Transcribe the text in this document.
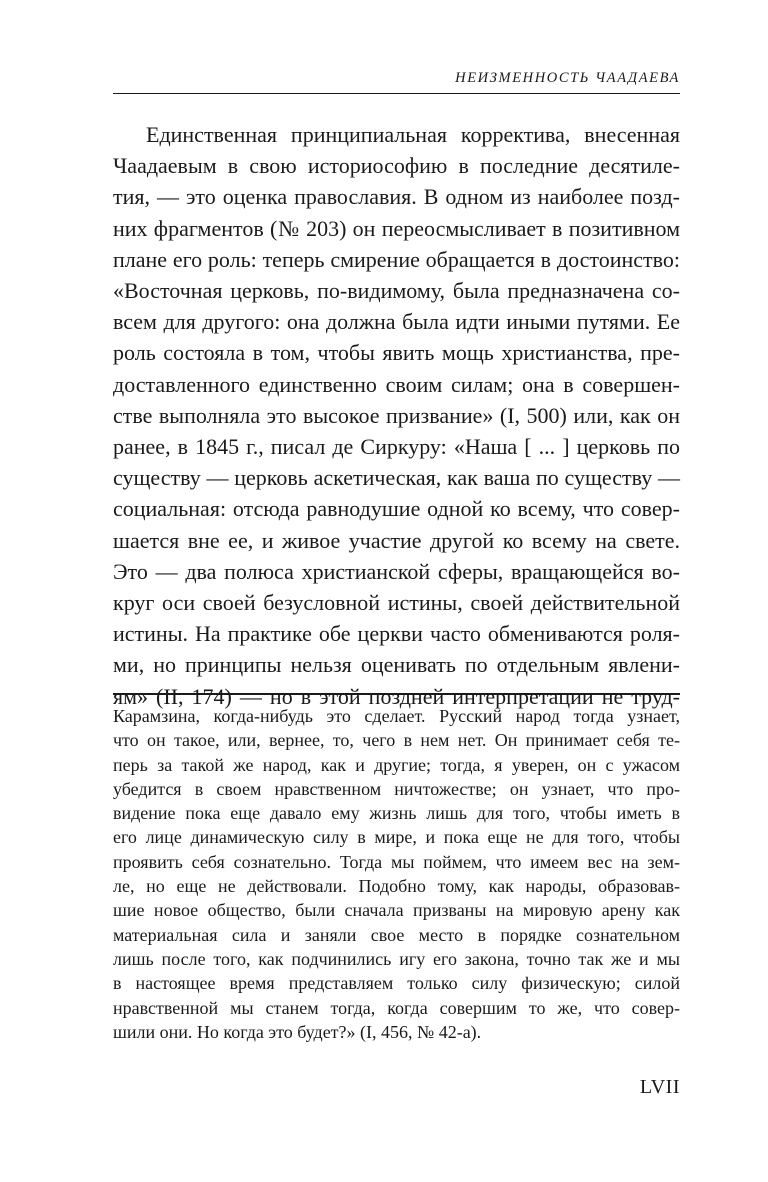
НЕИЗМЕННОСТЬ ЧААДАЕВА
Единственная принципиальная корректива, внесенная
Чаадаевым в свою историософию в последние десятиле-
тия, — это оценка православия. В одном из наиболее позд-
них фрагментов (№ 203) он переосмысливает в позитивном
плане его роль: теперь смирение обращается в достоинство:
«Восточная церковь, по-видимому, была предназначена со-
всем для другого: она должна была идти иными путями. Ее
роль состояла в том, чтобы явить мощь христианства, пре-
доставленного единственно своим силам; она в совершен-
стве выполняла это высокое призвание» (I, 500) или, как он
ранее, в 1845 г., писал де Сиркуру: «Наша [ ... ] церковь по
существу — церковь аскетическая, как ваша по существу —
социальная: отсюда равнодушие одной ко всему, что совер-
шается вне ее, и живое участие другой ко всему на свете.
Это — два полюса христианской сферы, вращающейся во-
круг оси своей безусловной истины, своей действительной
истины. На практике обе церкви часто обмениваются роля-
ми, но принципы нельзя оценивать по отдельным явлени-
ям» (II, 174) — но в этой поздней интерпретации не труд-
Карамзина, когда-нибудь это сделает. Русский народ тогда узнает,
что он такое, или, вернее, то, чего в нем нет. Он принимает себя те-
перь за такой же народ, как и другие; тогда, я уверен, он с ужасом
убедится в своем нравственном ничтожестве; он узнает, что про-
видение пока еще давало ему жизнь лишь для того, чтобы иметь в
его лице динамическую силу в мире, и пока еще не для того, чтобы
проявить себя сознательно. Тогда мы поймем, что имеем вес на зем-
ле, но еще не действовали. Подобно тому, как народы, образовав-
шие новое общество, были сначала призваны на мировую арену как
материальная сила и заняли свое место в порядке сознательном
лишь после того, как подчинились игу его закона, точно так же и мы
в настоящее время представляем только силу физическую; силой
нравственной мы станем тогда, когда совершим то же, что совер-
шили они. Но когда это будет?» (I, 456, № 42-а).
LVII
